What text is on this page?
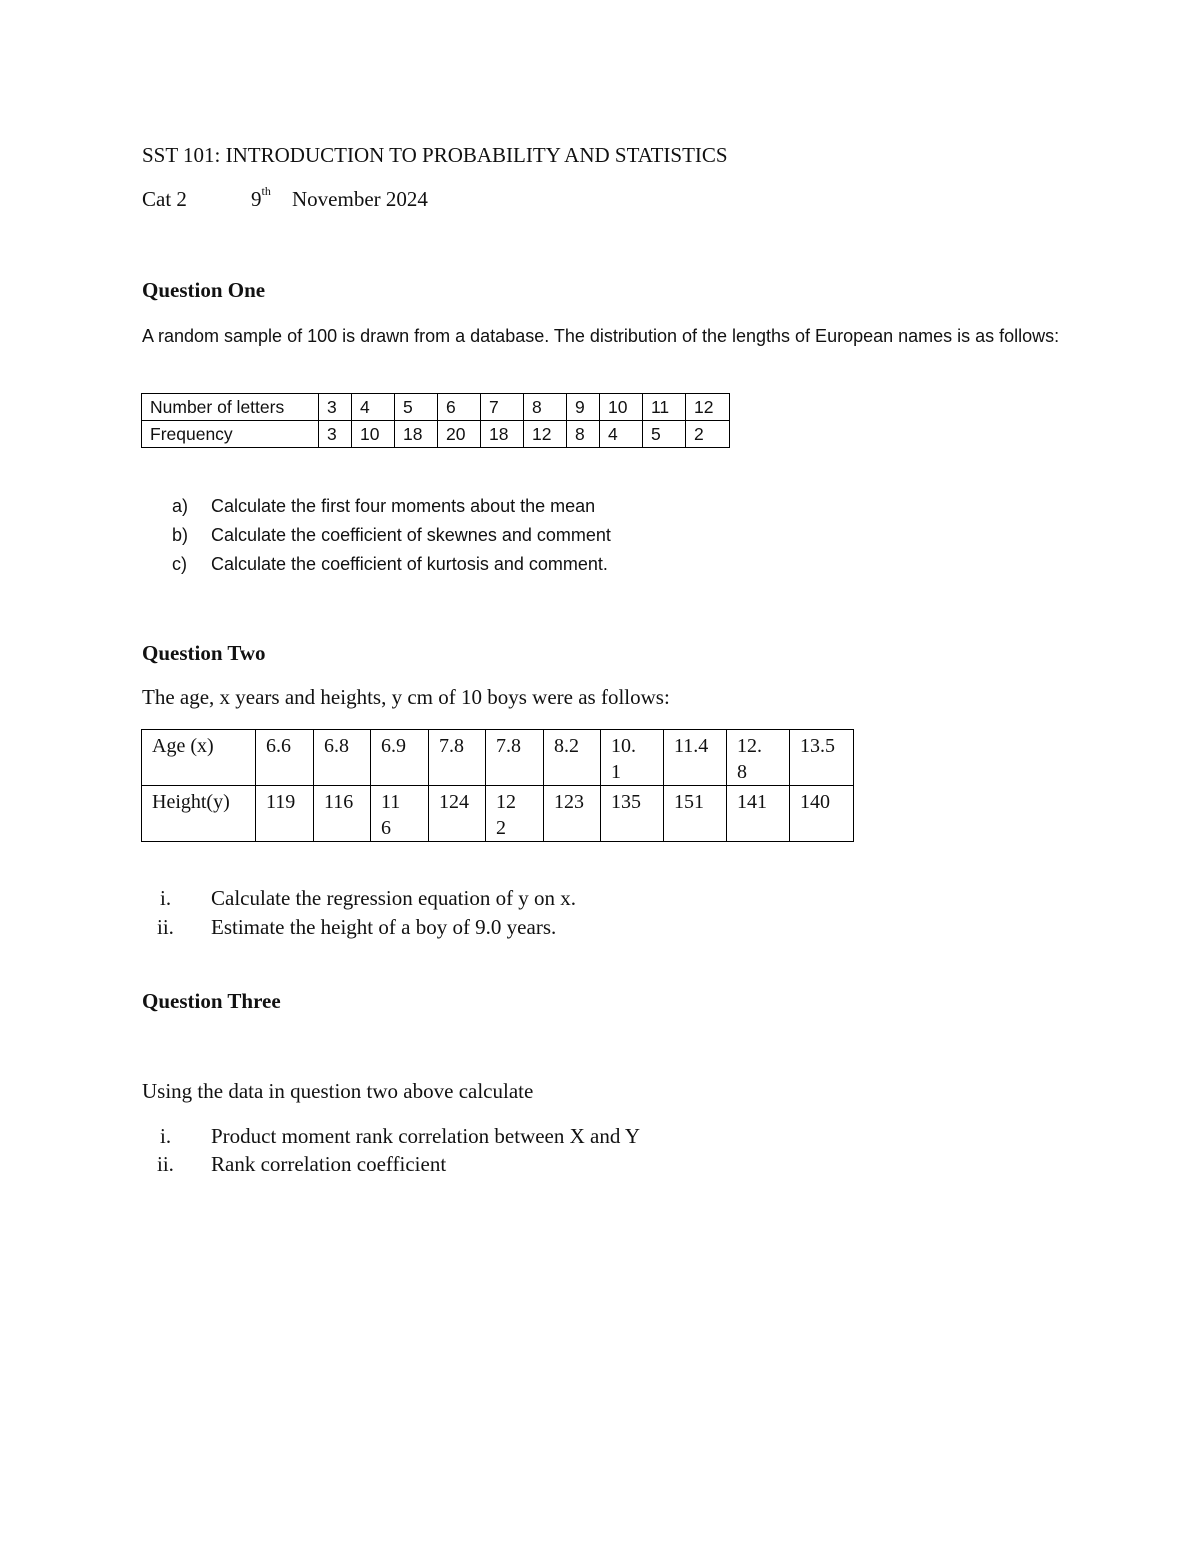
SST 101: INTRODUCTION TO PROBABILITY AND STATISTICS
Cat 2	9th November 2024
Question One
A random sample of 100 is drawn from a database. The distribution of the lengths of European names is as follows:
Number of letters	3	4	5	6	7	8	9	10	11	12
Frequency	3	10	18	20	18	12	8	4	5	2
a) Calculate the first four moments about the mean
b) Calculate the coefficient of skewnes and comment
c) Calculate the coefficient of kurtosis and comment.
Question Two
The age, x years and heights, y cm of 10 boys were as follows:
Age (x)	6.6	6.8	6.9	7.8	7.8	8.2	10.1	11.4	12.8	13.5

Height(y)	119	116	116	124	122	123	135	151	141	140
i. Calculate the regression equation of y on x.
ii. Estimate the height of a boy of 9.0 years.
Question Three
Using the data in question two above calculate
i. Product moment rank correlation between X and Y
ii. Rank correlation coefficient
